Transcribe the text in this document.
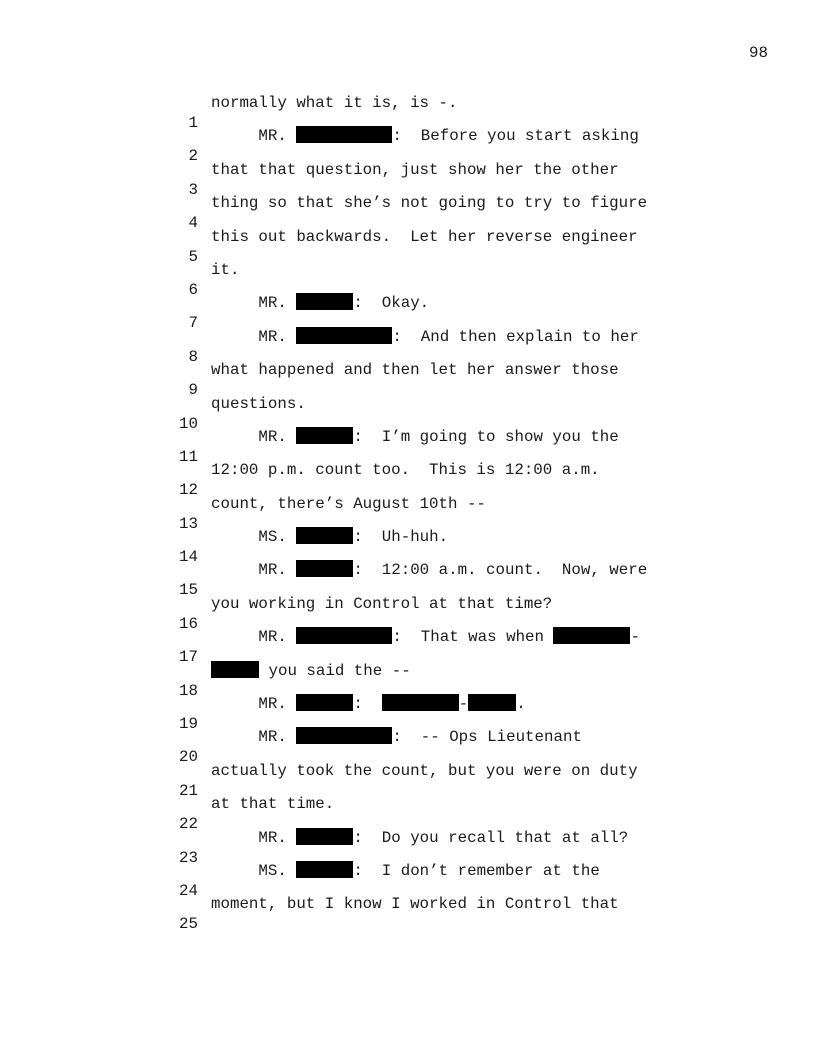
98

1

normally what it is, is -.

2

MR.	:  Before you start asking

3

that that question, just show her the other

4

thing so that she’s not going to try to figure

5

this out backwards.  Let her reverse engineer

6

it.

7

MR.	:  Okay.

8

MR.	:  And then explain to her

9

what happened and then let her answer those

10

questions.

11

MR.	:  I’m going to show you the

12

12:00 p.m. count too.  This is 12:00 a.m.

13

count, there’s August 10th --

14

MS.	:  Uh-huh.

15

MR.	:  12:00 a.m. count.  Now, were

16

you working in Control at that time?

17

MR.	:  That was when	-

18

you said the --

19

MR.	:	-	.

20

MR.	:  -- Ops Lieutenant

21

actually took the count, but you were on duty

22

at that time.

23

MR.	:  Do you recall that at all?

24

MS.	:  I don’t remember at the

25

moment, but I know I worked in Control that
